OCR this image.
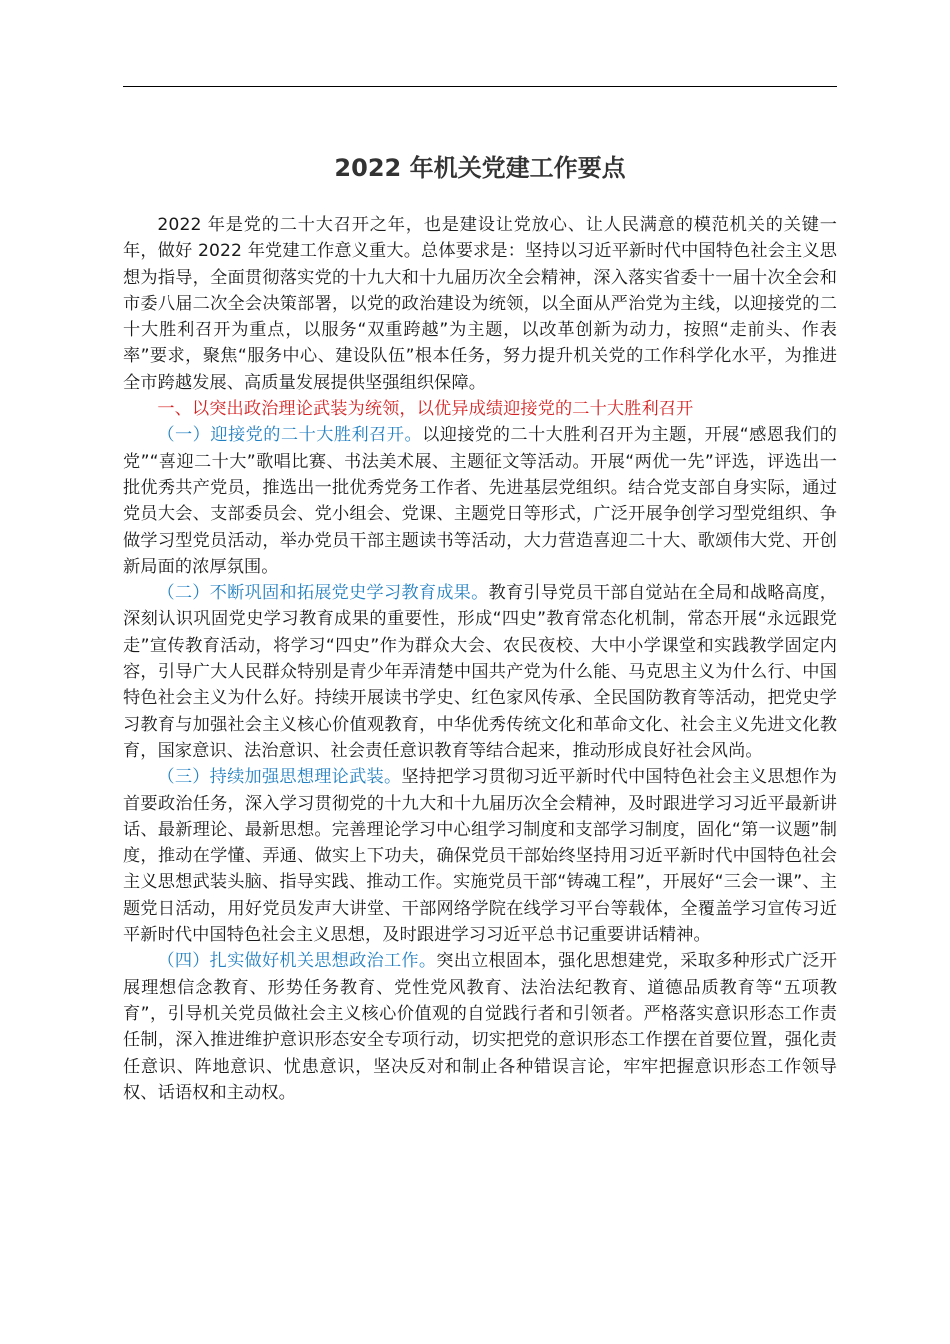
2022 年机关党建工作要点

2022 年是党的二十大召开之年，也是建设让党放心、让人民满意的模范机关的关键一年，做好 2022 年党建工作意义重大。总体要求是：坚持以习近平新时代中国特色社会主义思想为指导，全面贯彻落实党的十九大和十九届历次全会精神，深入落实省委十一届十次全会和市委八届二次全会决策部署，以党的政治建设为统领，以全面从严治党为主线，以迎接党的二十大胜利召开为重点，以服务“双重跨越”为主题，以改革创新为动力，按照“走前头、作表率”要求，聚焦“服务中心、建设队伍”根本任务，努力提升机关党的工作科学化水平，为推进全市跨越发展、高质量发展提供坚强组织保障。

一、以突出政治理论武装为统领，以优异成绩迎接党的二十大胜利召开

（一）迎接党的二十大胜利召开。以迎接党的二十大胜利召开为主题，开展“感恩我们的党”“喜迎二十大”歌唱比赛、书法美术展、主题征文等活动。开展“两优一先”评选，评选出一批优秀共产党员，推选出一批优秀党务工作者、先进基层党组织。结合党支部自身实际，通过党员大会、支部委员会、党小组会、党课、主题党日等形式，广泛开展争创学习型党组织、争做学习型党员活动，举办党员干部主题读书等活动，大力营造喜迎二十大、歌颂伟大党、开创新局面的浓厚氛围。

（二）不断巩固和拓展党史学习教育成果。教育引导党员干部自觉站在全局和战略高度，深刻认识巩固党史学习教育成果的重要性，形成“四史”教育常态化机制，常态开展“永远跟党走”宣传教育活动，将学习“四史”作为群众大会、农民夜校、大中小学课堂和实践教学固定内容，引导广大人民群众特别是青少年弄清楚中国共产党为什么能、马克思主义为什么行、中国特色社会主义为什么好。持续开展读书学史、红色家风传承、全民国防教育等活动，把党史学习教育与加强社会主义核心价值观教育，中华优秀传统文化和革命文化、社会主义先进文化教育，国家意识、法治意识、社会责任意识教育等结合起来，推动形成良好社会风尚。

（三）持续加强思想理论武装。坚持把学习贯彻习近平新时代中国特色社会主义思想作为首要政治任务，深入学习贯彻党的十九大和十九届历次全会精神，及时跟进学习习近平最新讲话、最新理论、最新思想。完善理论学习中心组学习制度和支部学习制度，固化“第一议题”制度，推动在学懂、弄通、做实上下功夫，确保党员干部始终坚持用习近平新时代中国特色社会主义思想武装头脑、指导实践、推动工作。实施党员干部“铸魂工程”，开展好“三会一课”、主题党日活动，用好党员发声大讲堂、干部网络学院在线学习平台等载体，全覆盖学习宣传习近平新时代中国特色社会主义思想，及时跟进学习习近平总书记重要讲话精神。

（四）扎实做好机关思想政治工作。突出立根固本，强化思想建党，采取多种形式广泛开展理想信念教育、形势任务教育、党性党风教育、法治法纪教育、道德品质教育等“五项教育”，引导机关党员做社会主义核心价值观的自觉践行者和引领者。严格落实意识形态工作责任制，深入推进维护意识形态安全专项行动，切实把党的意识形态工作摆在首要位置，强化责任意识、阵地意识、忧患意识，坚决反对和制止各种错误言论，牢牢把握意识形态工作领导权、话语权和主动权。
